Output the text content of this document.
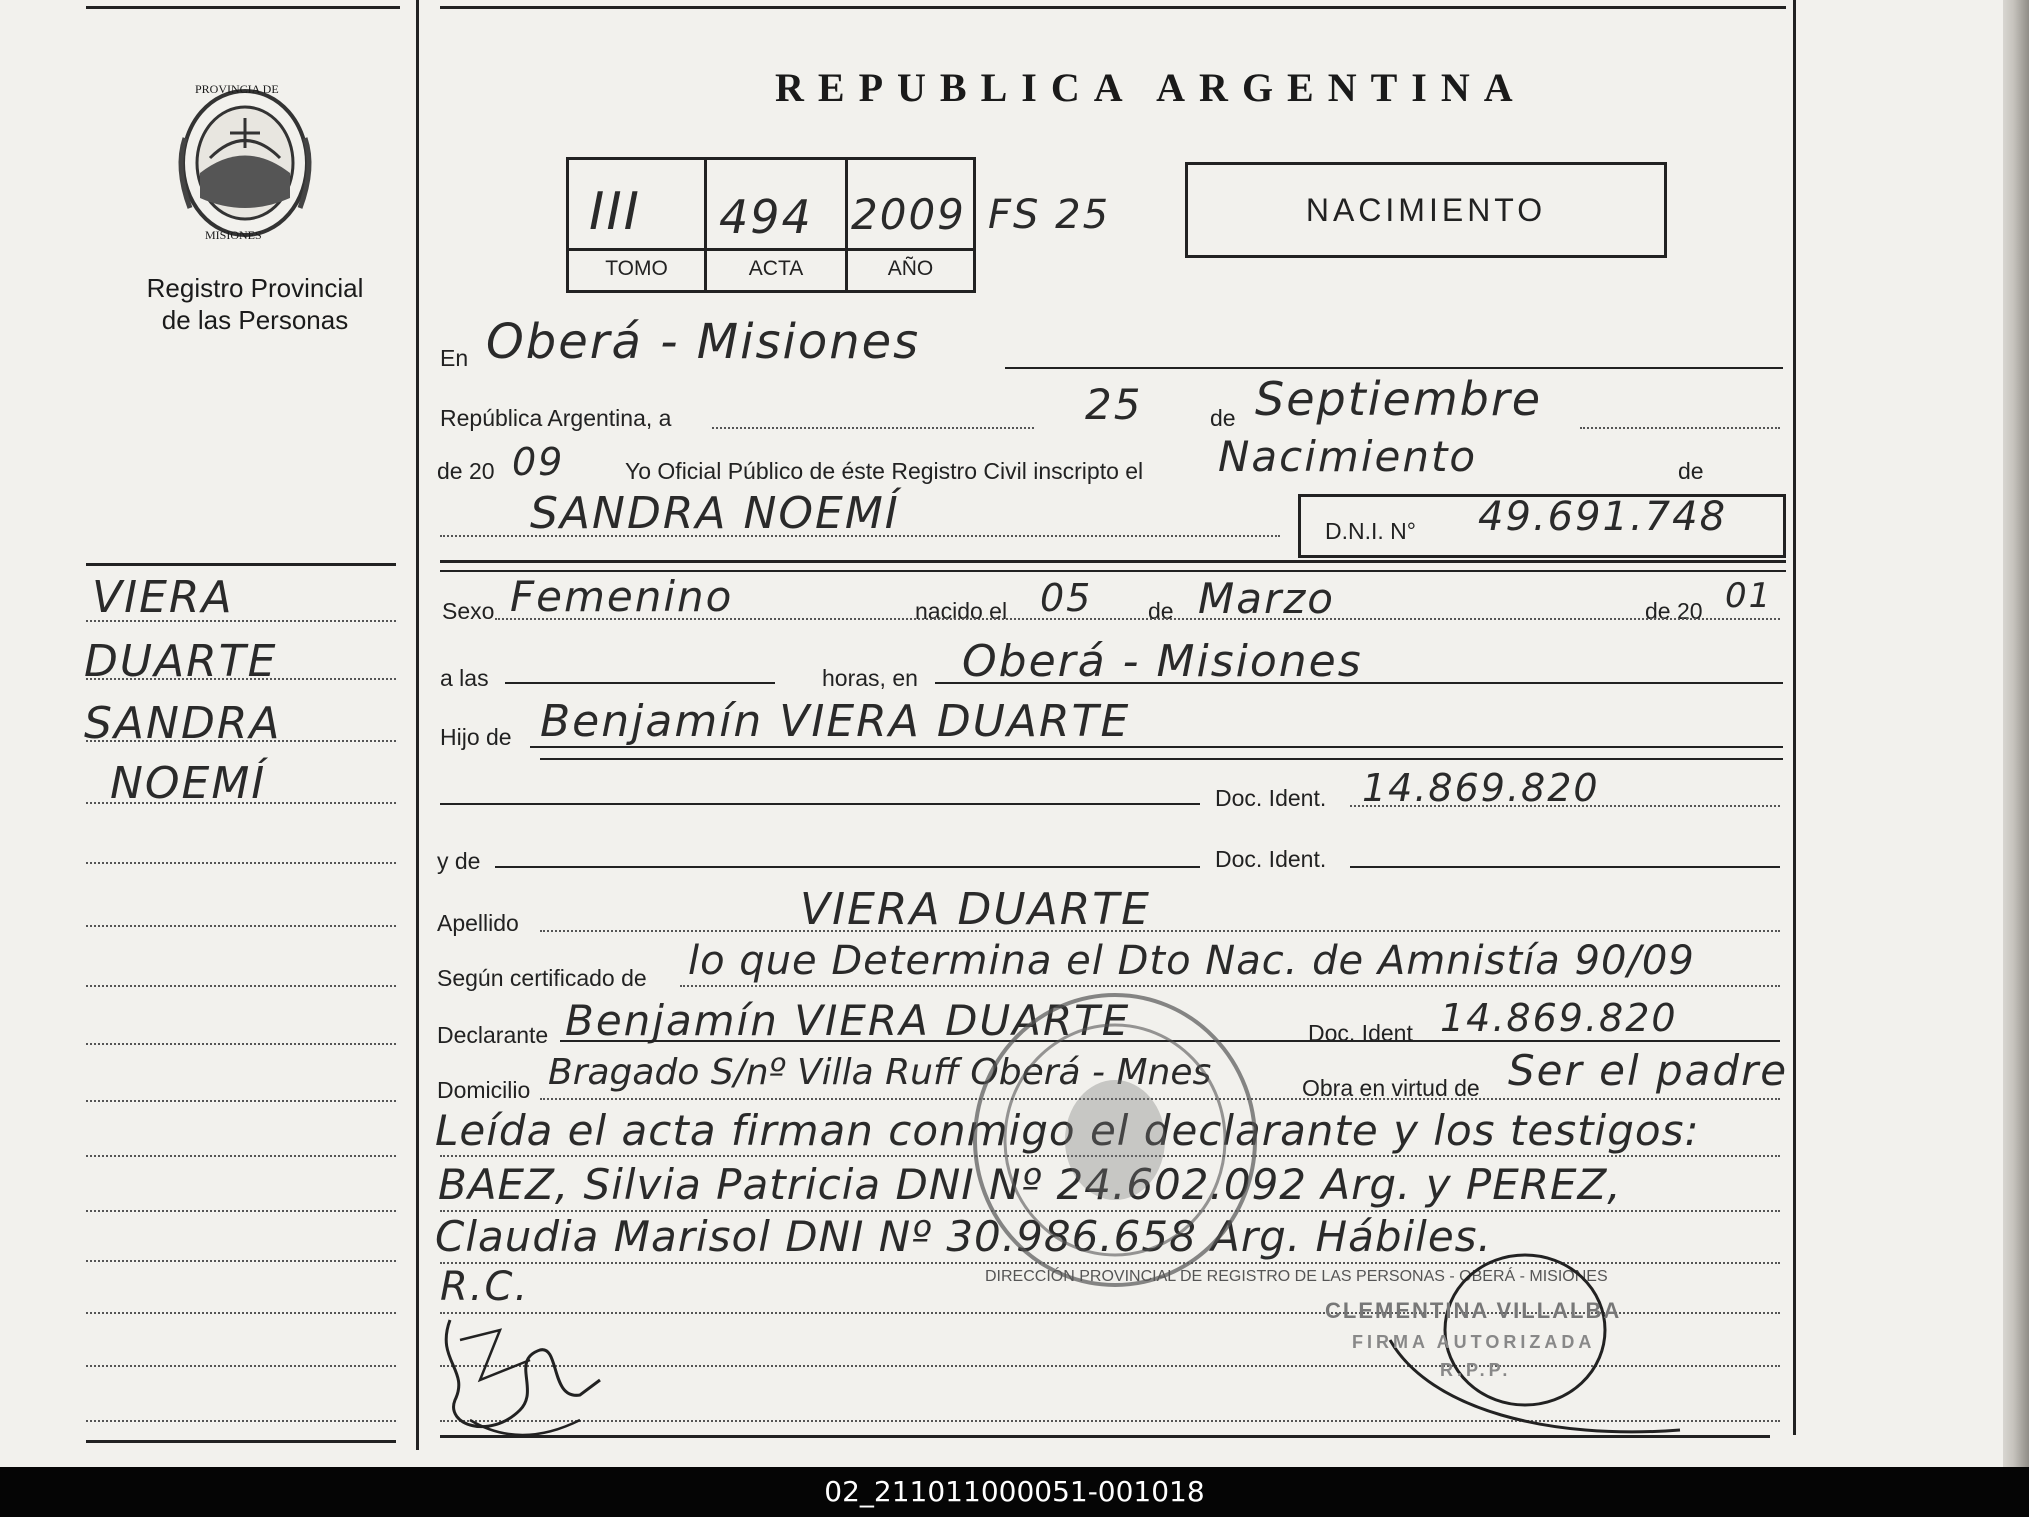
PROVINCIA DE
MISIONES
Registro Provincial
de las Personas
REPUBLICA ARGENTINA
III 494 2009
TOMO	ACTA	AÑO
FS 25	NACIMIENTO
VIERA
DUARTE
SANDRA
NOEMÍ
En Oberá - Misiones
República Argentina, a	25	de Septiembre
de 20 09	Yo Oficial Público de éste Registro Civil inscripto el Nacimiento	de
SANDRA NOEMÍ	D.N.I. N° 49.691.748
Sexo Femenino	nacido el 05 de Marzo	de 20 01
a las	horas, en Oberá - Misiones
Hijo de Benjamín VIERA DUARTE
Doc. Ident. 14.869.820
y de	Doc. Ident.
Apellido	VIERA DUARTE
Según certificado de lo que Determina el Dto Nac. de Amnistía 90/09
Declarante Benjamín VIERA DUARTE	Doc. Ident 14.869.820
Domicilio Bragado S/nº Villa Ruff Oberá - Mnes	Obra en virtud de Ser el padre
Leída el acta firman conmigo el declarante y los testigos:
BAEZ, Silvia Patricia DNI Nº 24.602.092 Arg. y PEREZ,
Claudia Marisol DNI Nº 30.986.658 Arg. Hábiles.
R.C.	DIRECCIÓN PROVINCIAL DE REGISTRO DE LAS PERSONAS - OBERÁ - MISIONES
CLEMENTINA VILLALBA
FIRMA AUTORIZADA
R.P.P.
02_211011000051-001018
